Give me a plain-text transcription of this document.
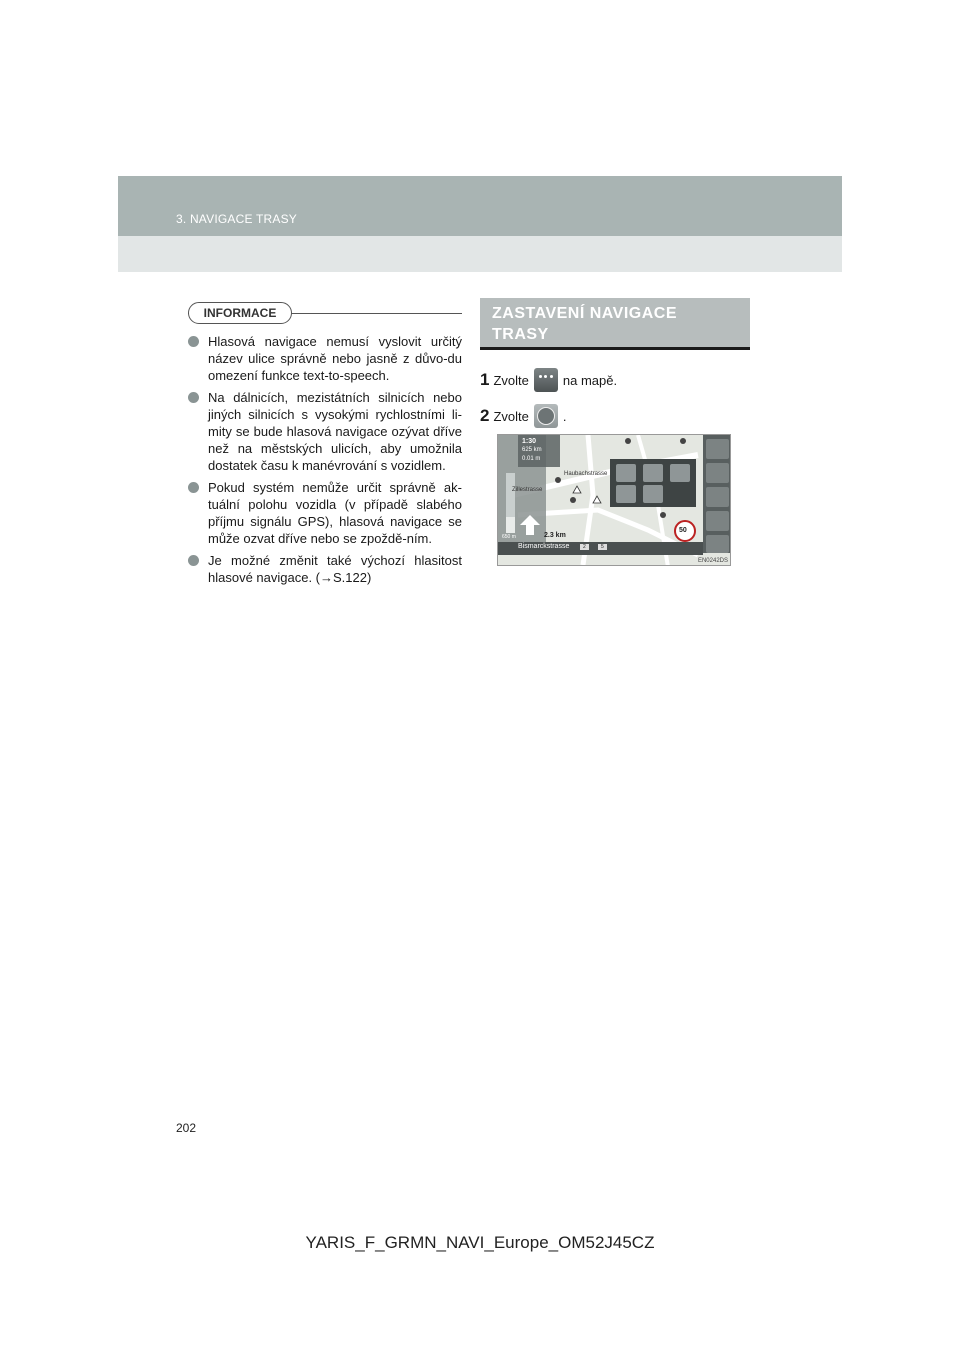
3. NAVIGACE TRASY
INFORMACE
Hlasová navigace nemusí vyslovit určitý název ulice správně nebo jasně z důvo-du omezení funkce text-to-speech.
Na dálnicích, mezistátních silnicích nebo jiných silnicích s vysokými rychlostními li-mity se bude hlasová navigace ozývat dříve než na městských ulicích, aby umožnila dostatek času k manévrování s vozidlem.
Pokud systém nemůže určit správně ak-tuální polohu vozidla (v případě slabého příjmu signálu GPS), hlasová navigace se může ozvat dříve nebo se zpoždě-ním.
Je možné změnit také výchozí hlasitost hlasové navigace. (→S.122)
ZASTAVENÍ NAVIGACE TRASY
1 Zvolte	na mapě.
2 Zvolte	.
1:30
625 km
0.01 m
Haubachstrasse
Zillestrasse
650 m	2.3 km
Bismarckstrasse	2	5
50
EN0242DS
202
YARIS_F_GRMN_NAVI_Europe_OM52J45CZ
